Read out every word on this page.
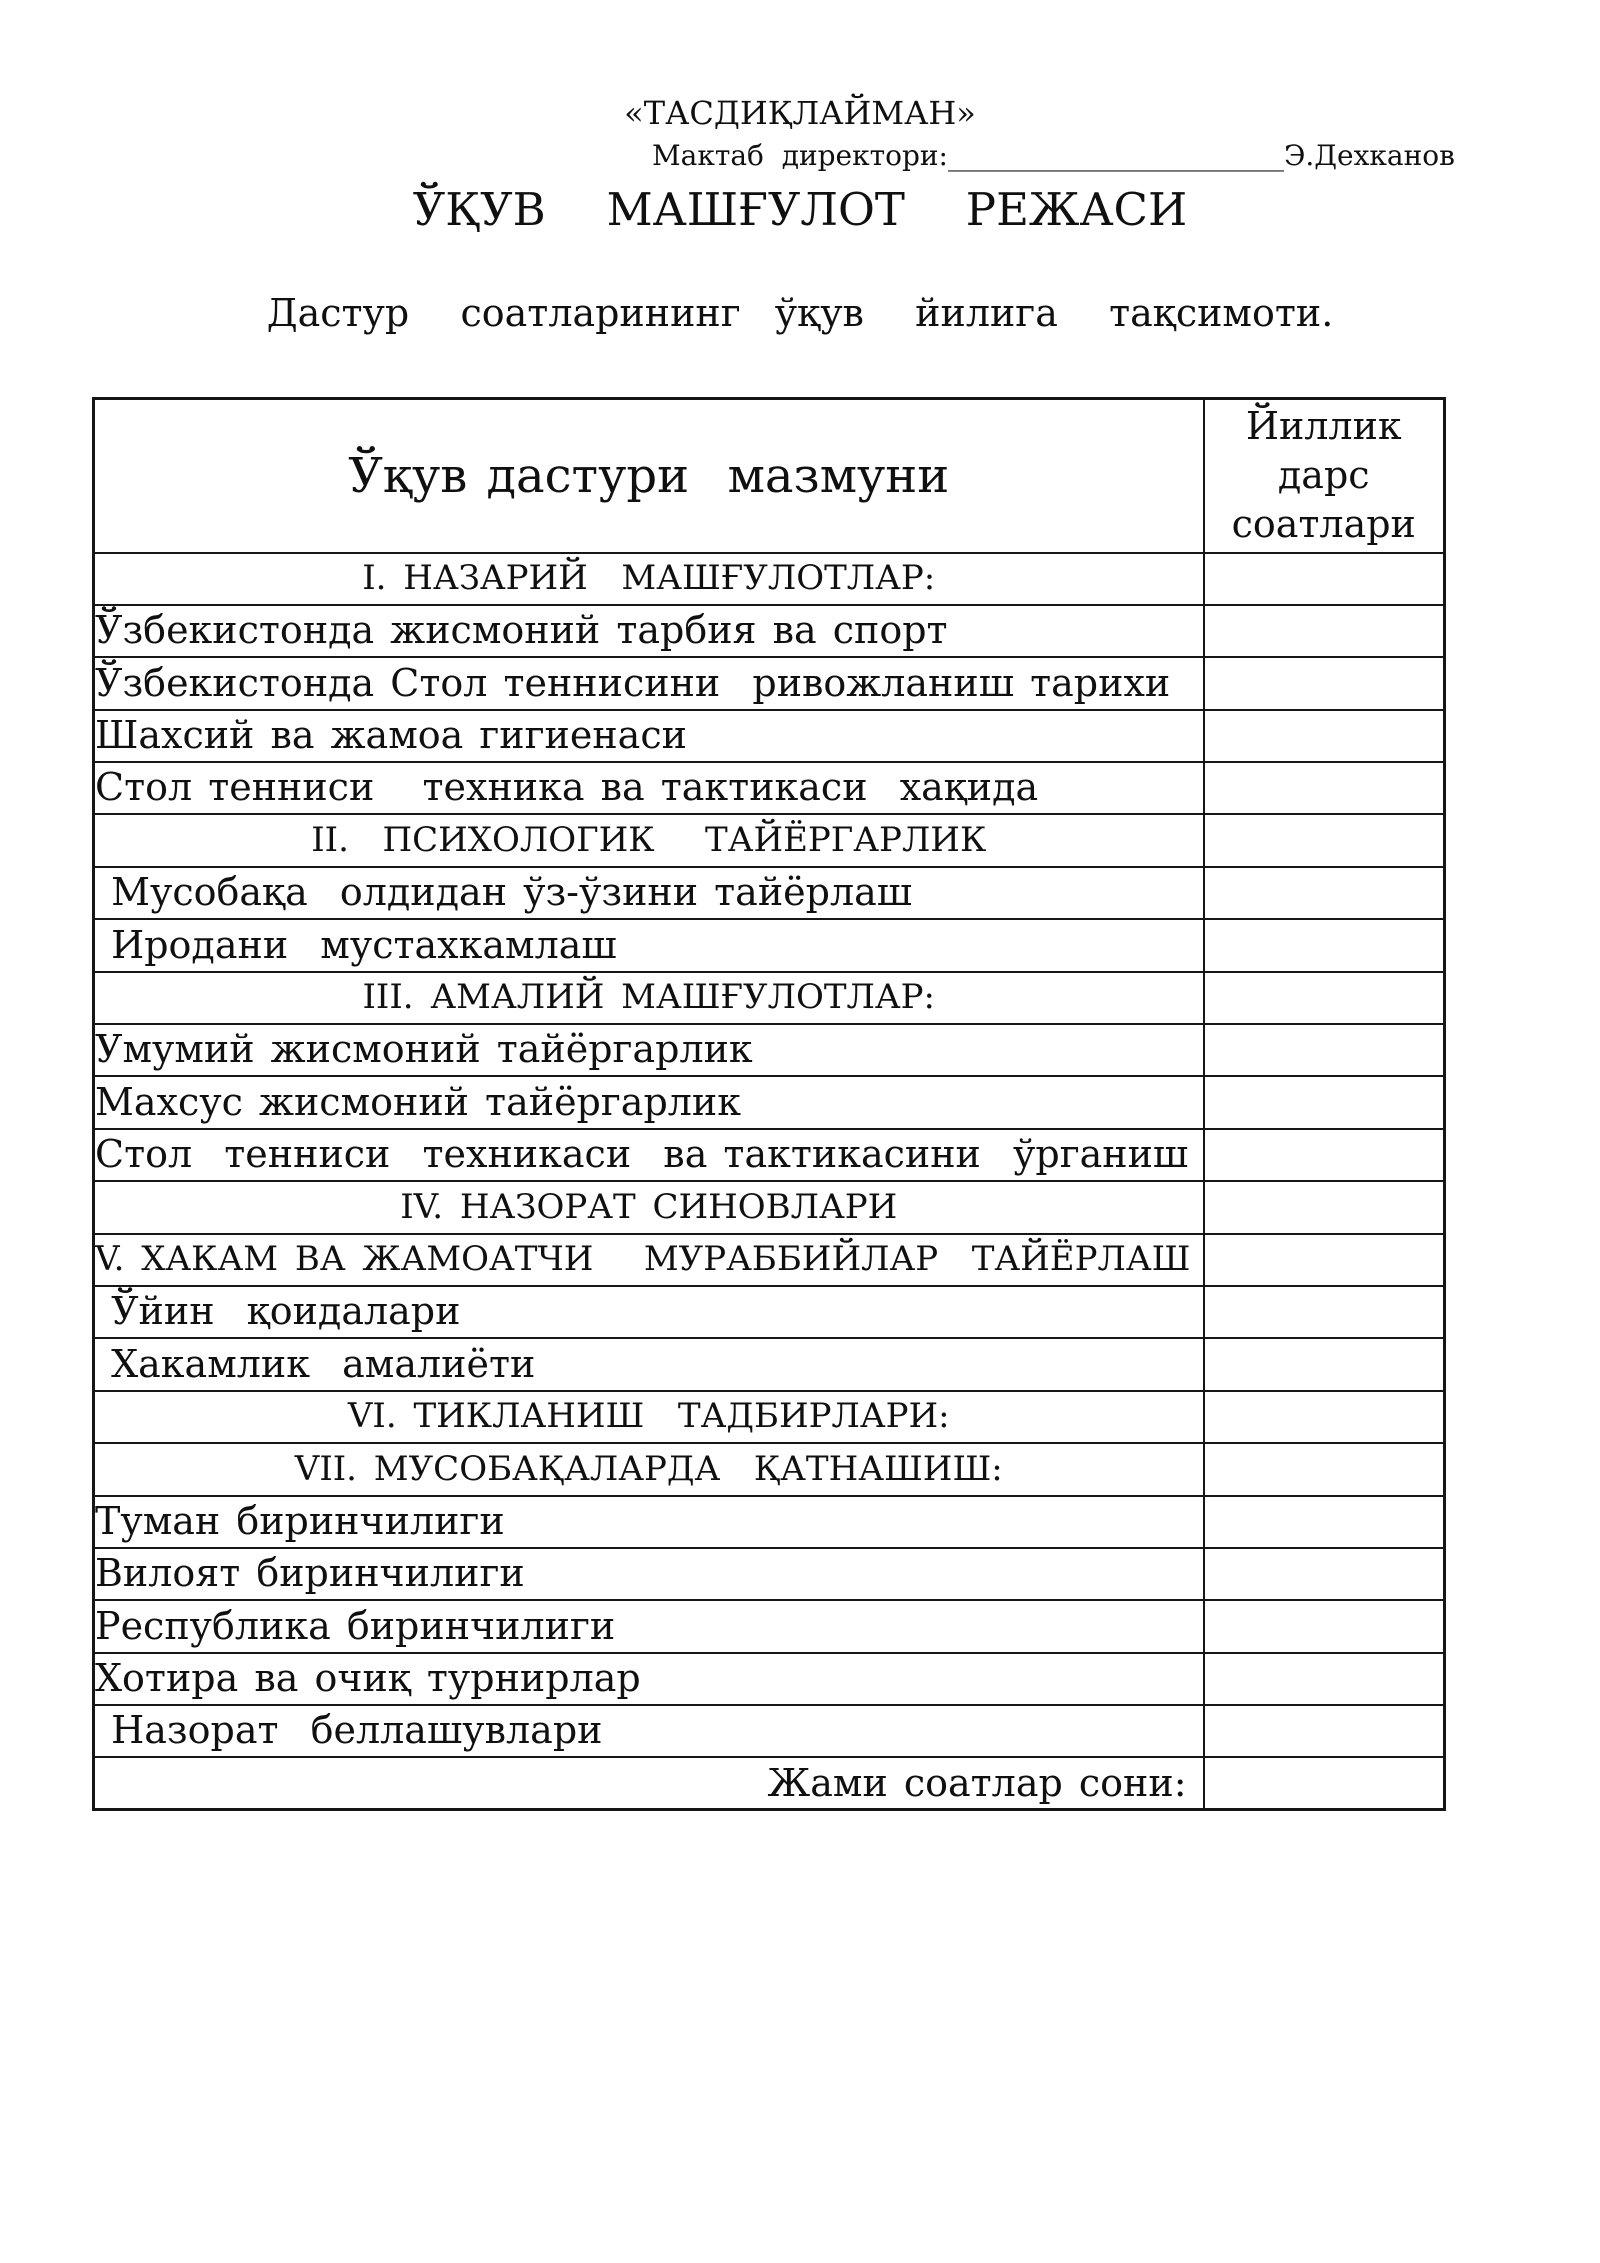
«ТАСДИҚЛАЙМАН»
Мактаб  директори:________________________Э.Дехканов
ЎҚУВ   МАШҒУЛОТ   РЕЖАСИ
Дастур   соатларининг  ўқув   йилига   тақсимоти.
Ўқув дастури  мазмуни	Йиллик дарс соатлари
I. НАЗАРИЙ  МАШҒУЛОТЛАР:	
Ўзбекистонда жисмоний тарбия ва спорт	
Ўзбекистонда Стол теннисини  ривожланиш тарихи	
Шахсий ва жамоа гигиенаси	
Стол тенниси   техника ва тактикаси  хақида	
II.  ПСИХОЛОГИК   ТАЙЁРГАРЛИК	
Мусобақа  олдидан ўз-ўзини тайёрлаш	
Иродани  мустахкамлаш	
III. АМАЛИЙ МАШҒУЛОТЛАР:	
Умумий жисмоний тайёргарлик	
Махсус жисмоний тайёргарлик	
Стол  тенниси  техникаси  ва тактикасини  ўрганиш	
IV. НАЗОРАТ СИНОВЛАРИ	
V. ХАКАМ ВА ЖАМОАТЧИ   МУРАББИЙЛАР  ТАЙЁРЛАШ	
Ўйин  қоидалари	
Хакамлик  амалиёти	
VI. ТИКЛАНИШ  ТАДБИРЛАРИ:	
VII. МУСОБАҚАЛАРДА  ҚАТНАШИШ:	
Туман биринчилиги	
Вилоят биринчилиги	
Республика биринчилиги	
Хотира ва очиқ турнирлар	
Назорат  беллашувлари	
Жами соатлар сони:	
